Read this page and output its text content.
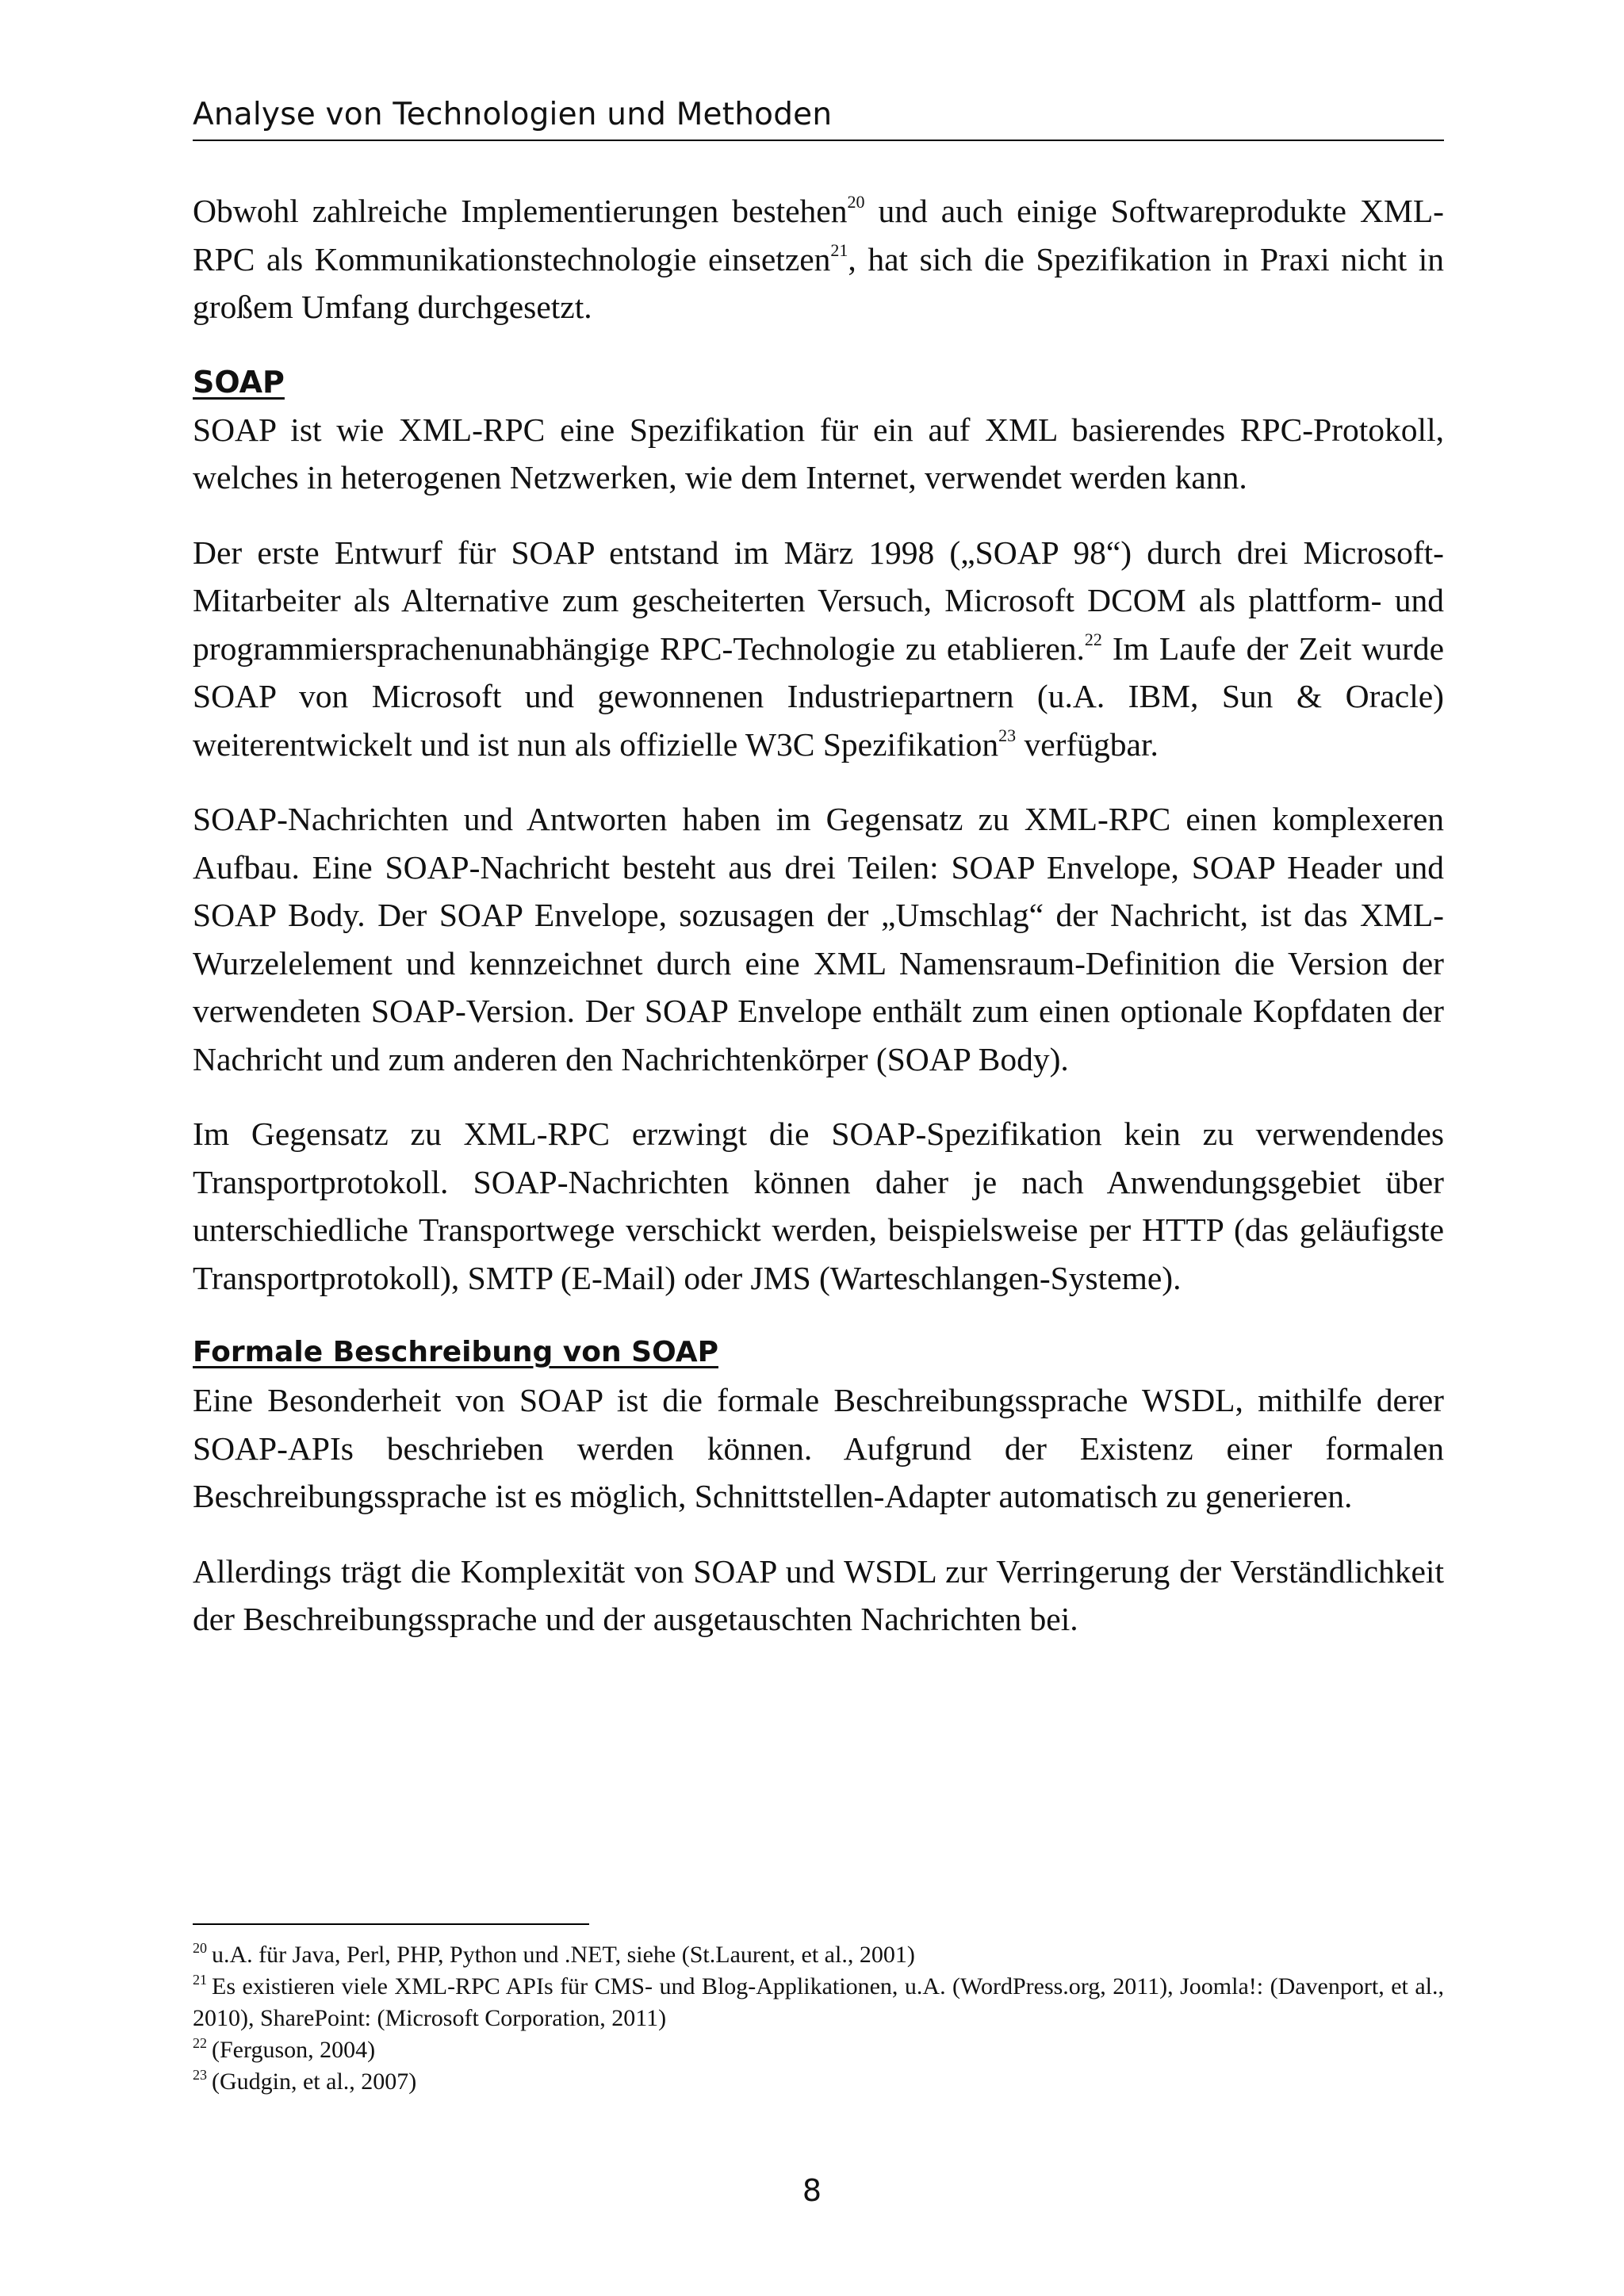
Analyse von Technologien und Methoden

Obwohl zahlreiche Implementierungen bestehen$^{20}$ und auch einige Softwareprodukte XML-RPC als Kommunikationstechnologie einsetzen$^{21}$, hat sich die Spezifikation in Praxi nicht in großem Umfang durchgesetzt.

SOAP

SOAP ist wie XML-RPC eine Spezifikation für ein auf XML basierendes RPC-Protokoll, welches in heterogenen Netzwerken, wie dem Internet, verwendet werden kann.

Der erste Entwurf für SOAP entstand im März 1998 („SOAP 98“) durch drei Microsoft-Mitarbeiter als Alternative zum gescheiterten Versuch, Microsoft DCOM als plattform- und programmiersprachenunabhängige RPC-Technologie zu etablieren.$^{22}$ Im Laufe der Zeit wurde SOAP von Microsoft und gewonnenen Industriepartnern (u.A. IBM, Sun & Oracle) weiterentwickelt und ist nun als offizielle W3C Spezifikation$^{23}$ verfügbar.

SOAP-Nachrichten und Antworten haben im Gegensatz zu XML-RPC einen komplexeren Aufbau. Eine SOAP-Nachricht besteht aus drei Teilen: SOAP Envelope, SOAP Header und SOAP Body. Der SOAP Envelope, sozusagen der „Umschlag“ der Nachricht, ist das XML-Wurzelelement und kennzeichnet durch eine XML Namensraum-Definition die Version der verwendeten SOAP-Version. Der SOAP Envelope enthält zum einen optionale Kopfdaten der Nachricht und zum anderen den Nachrichtenkörper (SOAP Body).

Im Gegensatz zu XML-RPC erzwingt die SOAP-Spezifikation kein zu verwendendes Transportprotokoll. SOAP-Nachrichten können daher je nach Anwendungsgebiet über unterschiedliche Transportwege verschickt werden, beispielsweise per HTTP (das geläufigste Transportprotokoll), SMTP (E-Mail) oder JMS (Warteschlangen-Systeme).

Formale Beschreibung von SOAP

Eine Besonderheit von SOAP ist die formale Beschreibungssprache WSDL, mithilfe derer SOAP-APIs beschrieben werden können. Aufgrund der Existenz einer formalen Beschreibungssprache ist es möglich, Schnittstellen-Adapter automatisch zu generieren.

Allerdings trägt die Komplexität von SOAP und WSDL zur Verringerung der Verständlichkeit der Beschreibungssprache und der ausgetauschten Nachrichten bei.

$^{20}$ u.A. für Java, Perl, PHP, Python und .NET, siehe (St.Laurent, et al., 2001)

$^{21}$ Es existieren viele XML-RPC APIs für CMS- und Blog-Applikationen, u.A. (WordPress.org, 2011), Joomla!: (Davenport, et al., 2010), SharePoint: (Microsoft Corporation, 2011)

$^{22}$ (Ferguson, 2004)

$^{23}$ (Gudgin, et al., 2007)

8
